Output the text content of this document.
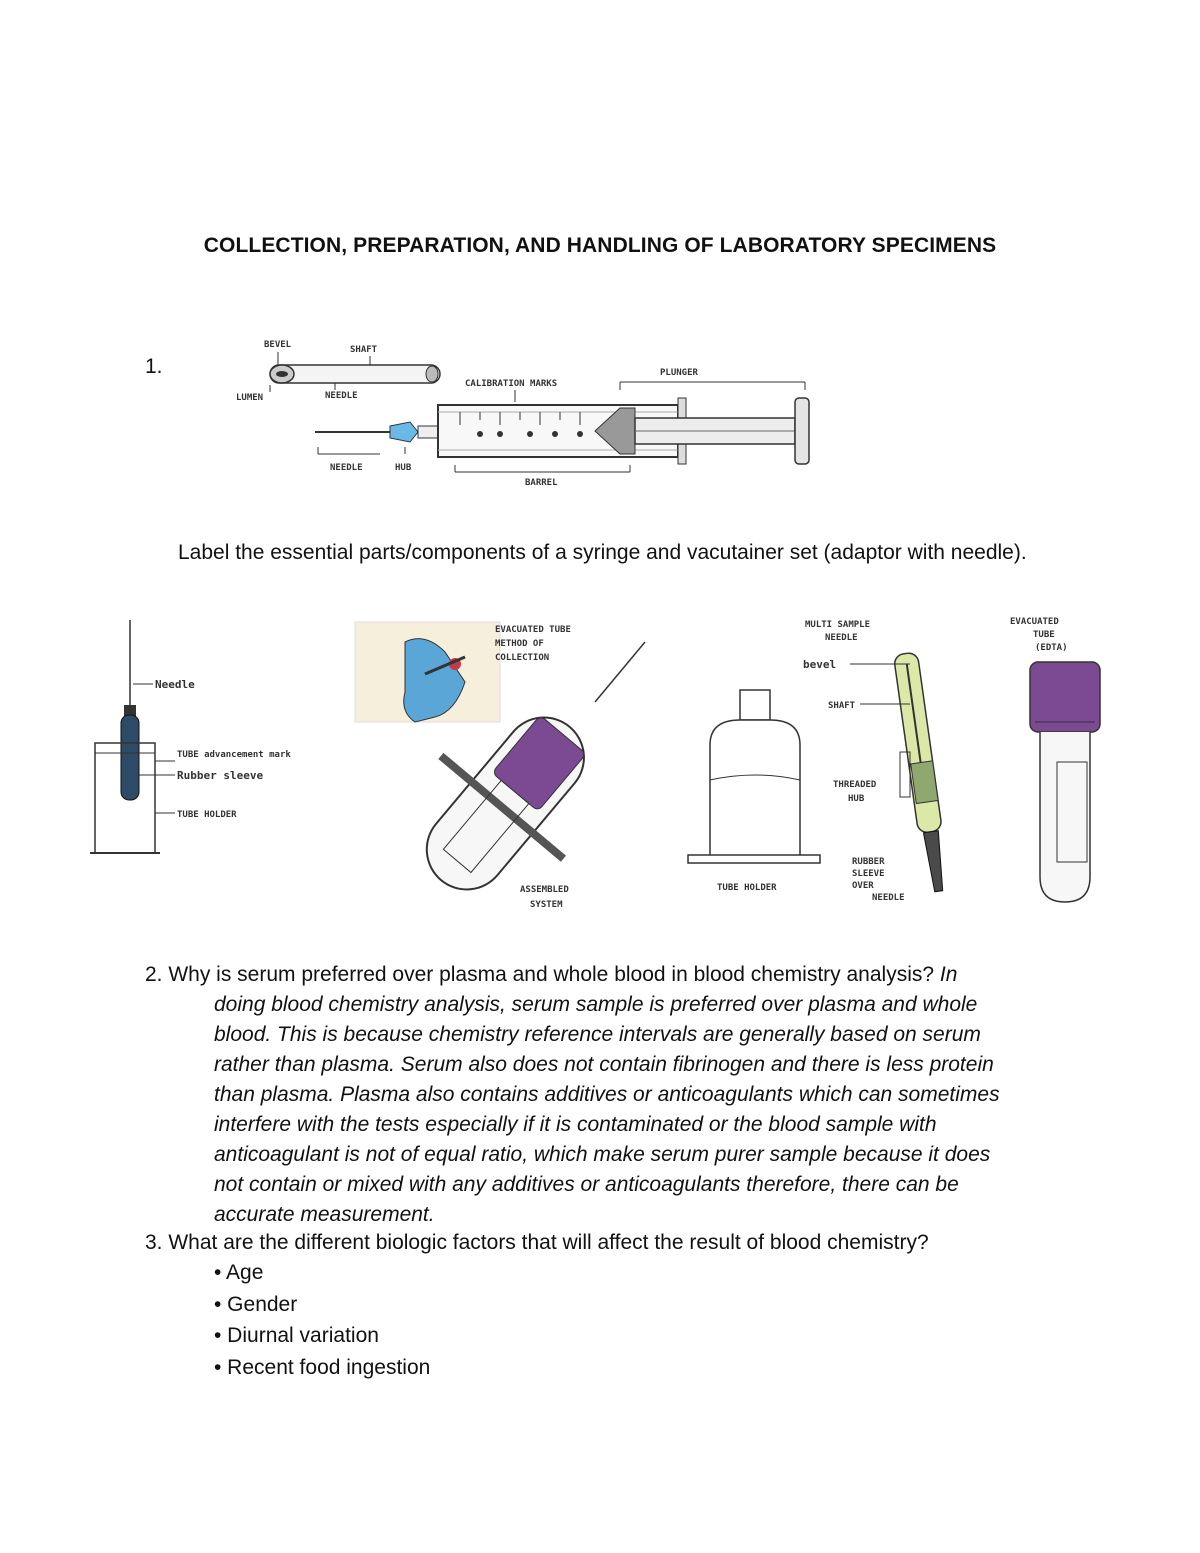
COLLECTION, PREPARATION, AND HANDLING OF LABORATORY SPECIMENS
1.
BEVEL	SHAFT
LUMEN	NEEDLE
NEEDLE	HUB
CALIBRATION MARKS
PLUNGER
BARREL
Label the essential parts/components of a syringe and vacutainer set (adaptor with needle).
Needle
TUBE advancement mark
Rubber sleeve
TUBE HOLDER
EVACUATED TUBE
METHOD OF
COLLECTION
ASSEMBLED
SYSTEM
TUBE HOLDER
MULTI SAMPLE
NEEDLE
bevel
SHAFT
THREADED
HUB
RUBBER
SLEEVE
OVER
NEEDLE
EVACUATED
TUBE
(EDTA)
2. Why is serum preferred over plasma and whole blood in blood chemistry analysis? In
doing blood chemistry analysis, serum sample is preferred over plasma and whole
blood. This is because chemistry reference intervals are generally based on serum
rather than plasma. Serum also does not contain fibrinogen and there is less protein
than plasma. Plasma also contains additives or anticoagulants which can sometimes
interfere with the tests especially if it is contaminated or the blood sample with
anticoagulant is not of equal ratio, which make serum purer sample because it does
not contain or mixed with any additives or anticoagulants therefore, there can be
accurate measurement.
3. What are the different biologic factors that will affect the result of blood chemistry?
• Age
• Gender
• Diurnal variation
• Recent food ingestion
